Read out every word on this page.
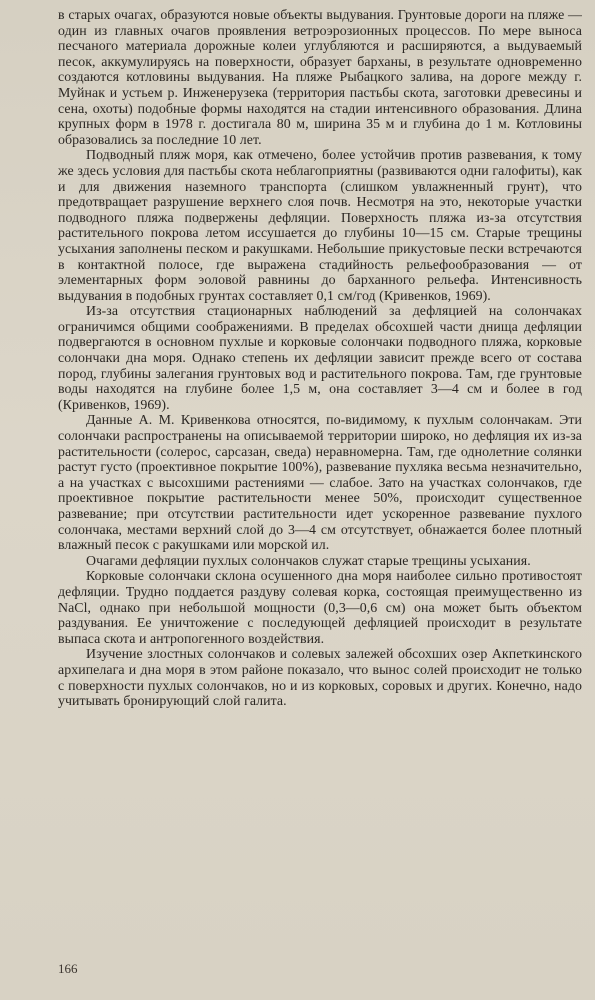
в старых очагах, образуются новые объекты выдувания. Грунтовые дороги на пляже — один из главных очагов проявления ветроэрозионных процессов. По мере выноса песчаного материала дорожные колеи углубляются и расширяются, а выдуваемый песок, аккумулируясь на поверхности, образует барханы, в результате одновременно создаются котловины выдувания. На пляже Рыбацкого залива, на дороге между г. Муйнак и устьем р. Инженерузека (территория пастьбы скота, заготовки древесины и сена, охоты) подобные формы находятся на стадии интенсивного образования. Длина крупных форм в 1978 г. достигала 80 м, ширина 35 м и глубина до 1 м. Котловины образовались за последние 10 лет.

Подводный пляж моря, как отмечено, более устойчив против развевания, к тому же здесь условия для пастьбы скота неблагоприятны (развиваются одни галофиты), как и для движения наземного транспорта (слишком увлажненный грунт), что предотвращает разрушение верхнего слоя почв. Несмотря на это, некоторые участки подводного пляжа подвержены дефляции. Поверхность пляжа из-за отсутствия растительного покрова летом иссушается до глубины 10—15 см. Старые трещины усыхания заполнены песком и ракушками. Небольшие прикустовые пески встречаются в контактной полосе, где выражена стадийность рельефообразования — от элементарных форм эоловой равнины до барханного рельефа. Интенсивность выдувания в подобных грунтах составляет 0,1 см/год (Кривенков, 1969).

Из-за отсутствия стационарных наблюдений за дефляцией на солончаках ограничимся общими соображениями. В пределах обсохшей части днища дефляции подвергаются в основном пухлые и корковые солончаки подводного пляжа, корковые солончаки дна моря. Однако степень их дефляции зависит прежде всего от состава пород, глубины залегания грунтовых вод и растительного покрова. Там, где грунтовые воды находятся на глубине более 1,5 м, она составляет 3—4 см и более в год (Кривенков, 1969).

Данные А. М. Кривенкова относятся, по-видимому, к пухлым солончакам. Эти солончаки распространены на описываемой территории широко, но дефляция их из-за растительности (солерос, сарсазан, сведа) неравномерна. Там, где однолетние солянки растут густо (проективное покрытие 100%), развевание пухляка весьма незначительно, а на участках с высохшими растениями — слабое. Зато на участках солончаков, где проективное покрытие растительности менее 50%, происходит существенное развевание; при отсутствии растительности идет ускоренное развевание пухлого солончака, местами верхний слой до 3—4 см отсутствует, обнажается более плотный влажный песок с ракушками или морской ил.

Очагами дефляции пухлых солончаков служат старые трещины усыхания.

Корковые солончаки склона осушенного дна моря наиболее сильно противостоят дефляции. Трудно поддается раздуву солевая корка, состоящая преимущественно из NaCl, однако при небольшой мощности (0,3—0,6 см) она может быть объектом раздувания. Ее уничтожение с последующей дефляцией происходит в результате выпаса скота и антропогенного воздействия.

Изучение злостных солончаков и солевых залежей обсохших озер Акпеткинского архипелага и дна моря в этом районе показало, что вынос солей происходит не только с поверхности пухлых солончаков, но и из корковых, соровых и других. Конечно, надо учитывать бронирующий слой галита.

166
